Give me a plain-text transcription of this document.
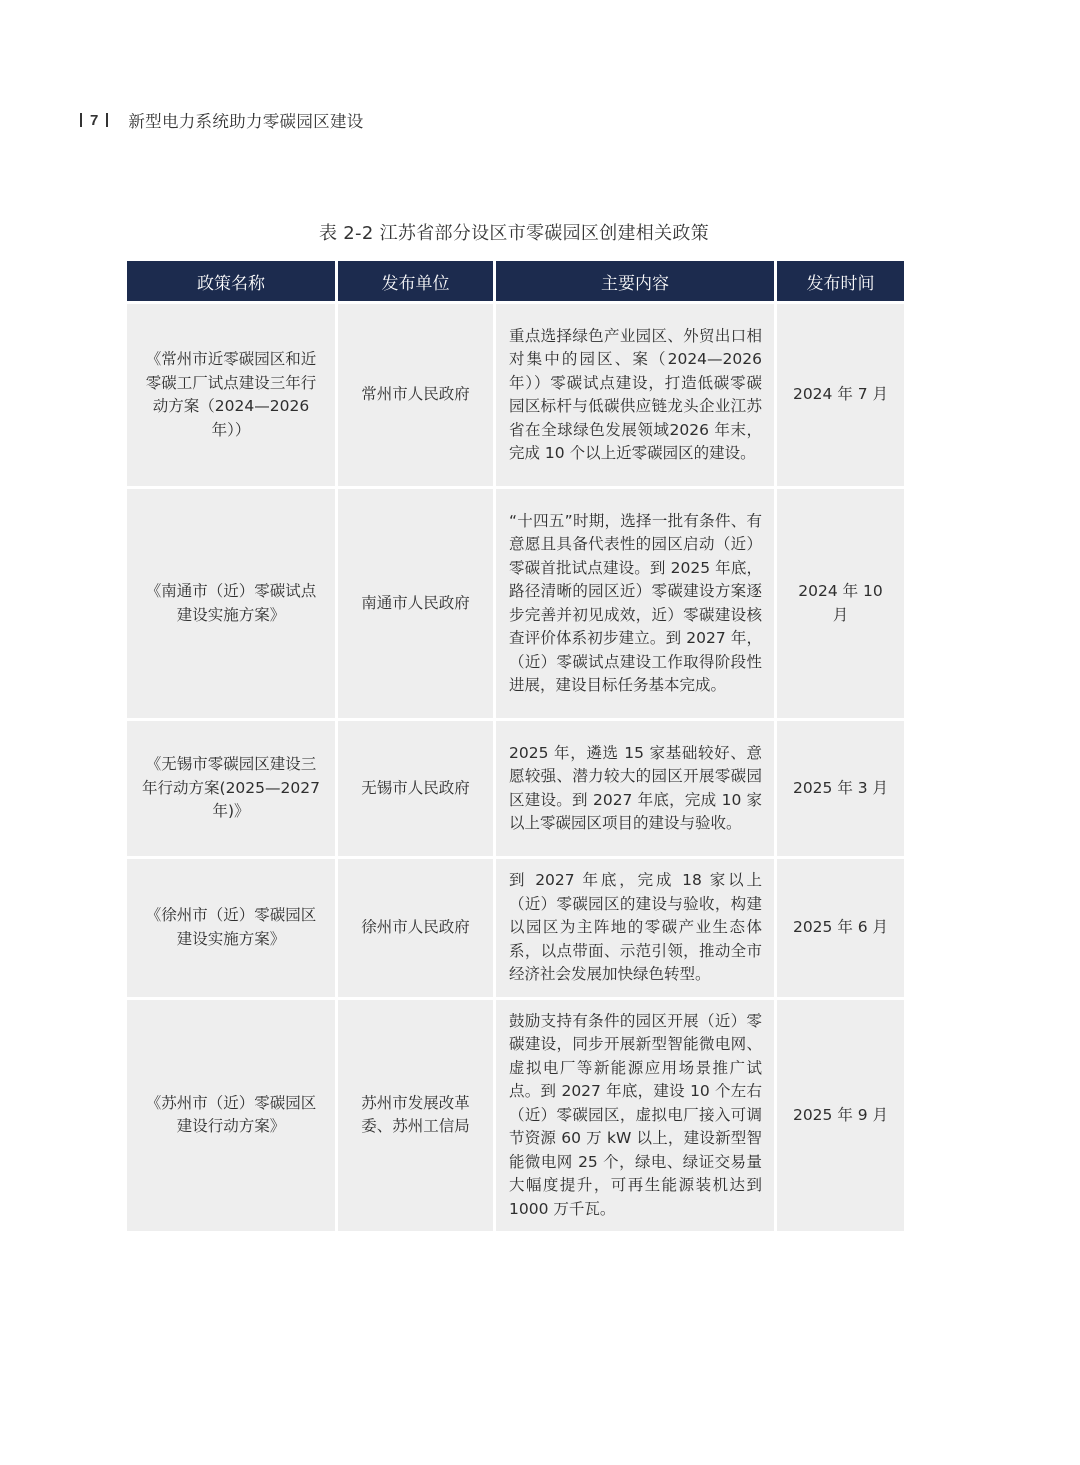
7 新型电力系统助力零碳园区建设
表 2-2 江苏省部分设区市零碳园区创建相关政策
政策名称	发布单位	主要内容	发布时间
《常州市近零碳园区和近零碳工厂试点建设三年行动方案（2024—2026年））	常州市人民政府	重点选择绿色产业园区、外贸出口相对集中的园区、案（2024—2026 年））零碳试点建设，打造低碳零碳园区标杆与低碳供应链龙头企业江苏省在全球绿色发展领域2026 年末，完成 10 个以上近零碳园区的建设。	2024 年 7 月
《南通市（近）零碳试点建设实施方案》	南通市人民政府	“十四五”时期，选择一批有条件、有意愿且具备代表性的园区启动（近）零碳首批试点建设。到 2025 年底，路径清晰的园区近）零碳建设方案逐步完善并初见成效，近）零碳建设核查评价体系初步建立。到 2027 年，（近）零碳试点建设工作取得阶段性进展，建设目标任务基本完成。	2024 年 10 月
《无锡市零碳园区建设三年行动方案(2025—2027年)》	无锡市人民政府	2025 年，遴选 15 家基础较好、意愿较强、潜力较大的园区开展零碳园区建设。到 2027 年底，完成 10 家以上零碳园区项目的建设与验收。	2025 年 3 月
《徐州市（近）零碳园区建设实施方案》	徐州市人民政府	到 2027 年底，完成 18 家以上（近）零碳园区的建设与验收，构建以园区为主阵地的零碳产业生态体系，以点带面、示范引领，推动全市经济社会发展加快绿色转型。	2025 年 6 月
《苏州市（近）零碳园区建设行动方案》	苏州市发展改革委、苏州工信局	鼓励支持有条件的园区开展（近）零碳建设，同步开展新型智能微电网、虚拟电厂等新能源应用场景推广试点。到 2027 年底，建设 10 个左右（近）零碳园区，虚拟电厂接入可调节资源 60 万 kW 以上，建设新型智能微电网 25 个，绿电、绿证交易量大幅度提升，可再生能源装机达到 1000 万千瓦。	2025 年 9 月
